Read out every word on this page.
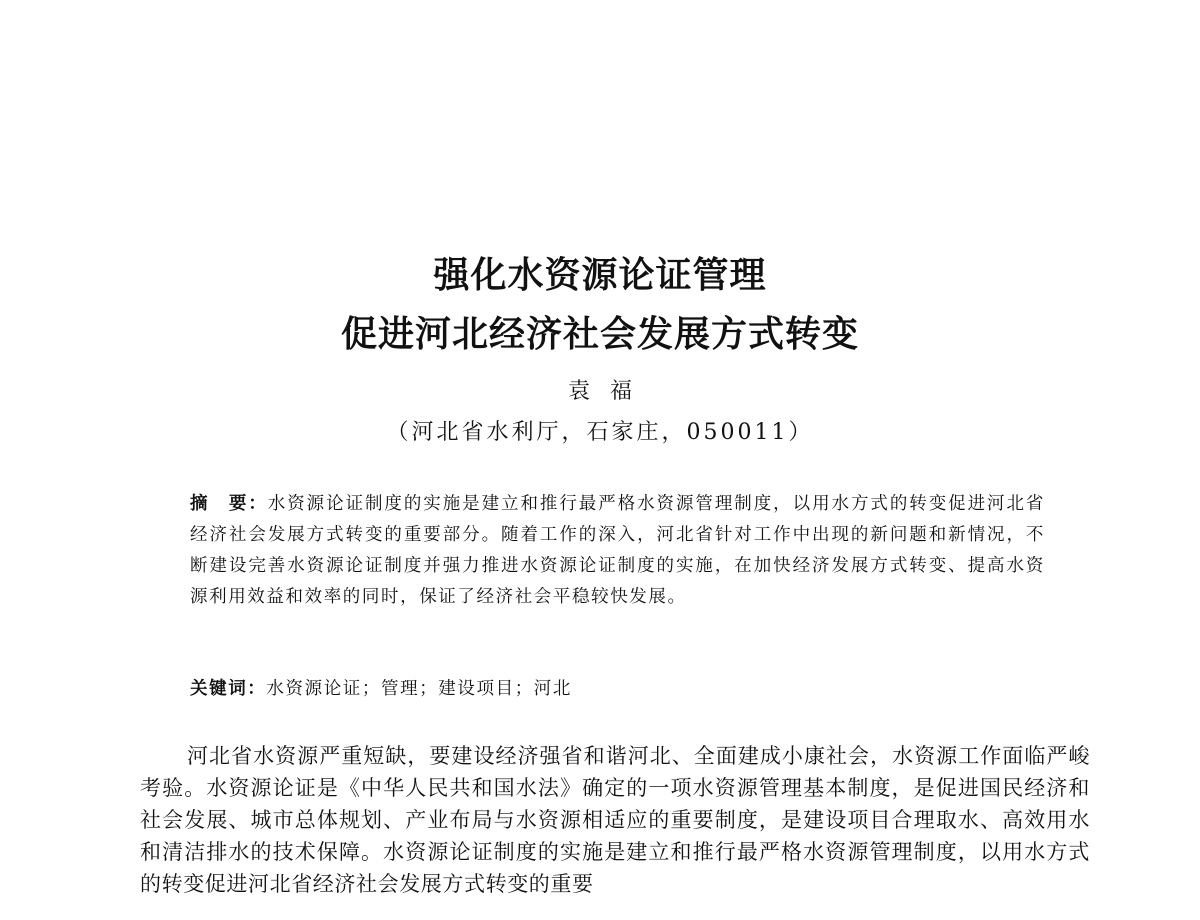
强化水资源论证管理
促进河北经济社会发展方式转变
袁福
（河北省水利厅，石家庄，050011）
摘　要：水资源论证制度的实施是建立和推行最严格水资源管理制度，以用水方式的转变促进河北省经济社会发展方式转变的重要部分。随着工作的深入，河北省针对工作中出现的新问题和新情况，不断建设完善水资源论证制度并强力推进水资源论证制度的实施，在加快经济发展方式转变、提高水资源利用效益和效率的同时，保证了经济社会平稳较快发展。
关键词：水资源论证；管理；建设项目；河北
河北省水资源严重短缺，要建设经济强省和谐河北、全面建成小康社会，水资源工作面临严峻考验。水资源论证是《中华人民共和国水法》确定的一项水资源管理基本制度，是促进国民经济和社会发展、城市总体规划、产业布局与水资源相适应的重要制度，是建设项目合理取水、高效用水和清洁排水的技术保障。水资源论证制度的实施是建立和推行最严格水资源管理制度，以用水方式的转变促进河北省经济社会发展方式转变的重要
